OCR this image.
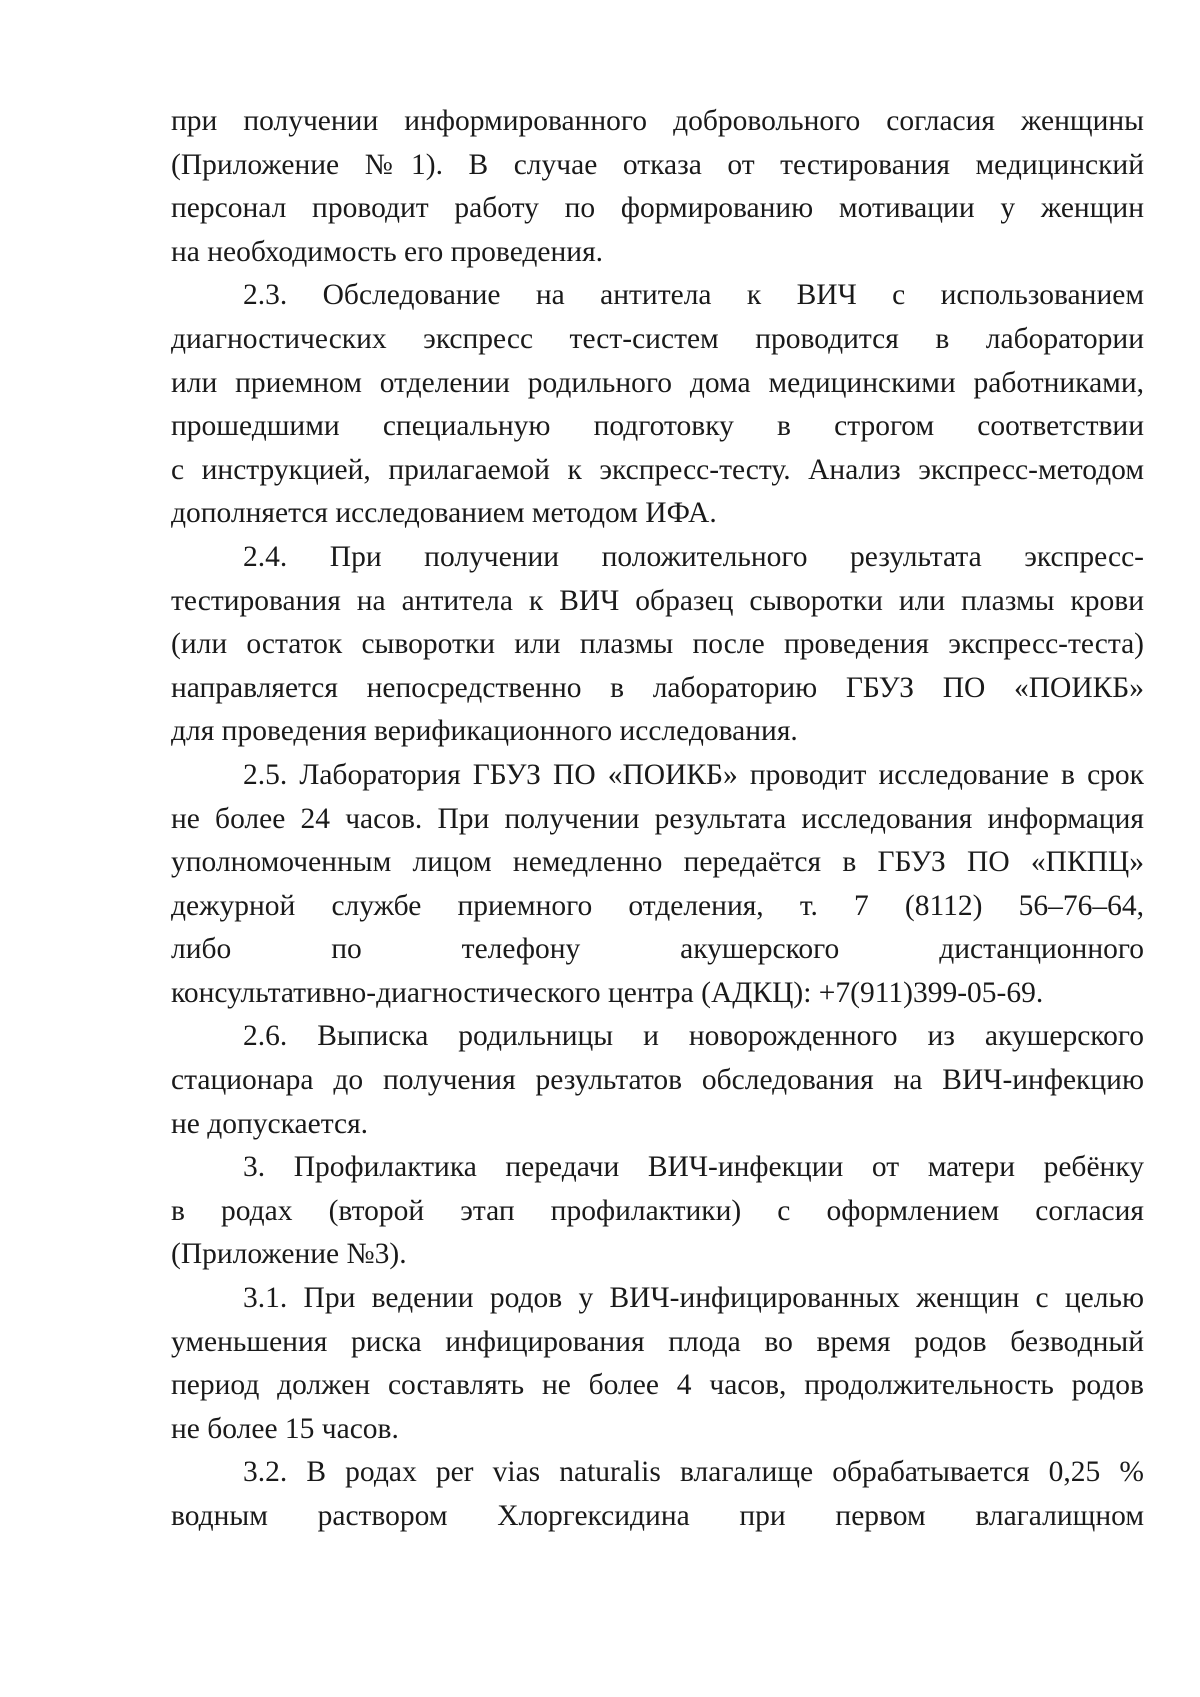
при получении информированного добровольного согласия женщины
(Приложение №1). В случае отказа от тестирования медицинский
персонал проводит работу по формированию мотивации у женщин
на необходимость его проведения.

2.3. Обследование на антитела к ВИЧ с использованием
диагностических экспресс тест-систем проводится в лаборатории
или приемном отделении родильного дома медицинскими работниками,
прошедшими специальную подготовку в строгом соответствии
с инструкцией, прилагаемой к экспресс-тесту. Анализ экспресс-методом
дополняется исследованием методом ИФА.

2.4. При получении положительного результата экспресс-
тестирования на антитела к ВИЧ образец сыворотки или плазмы крови
(или остаток сыворотки или плазмы после проведения экспресс-теста)
направляется непосредственно в лабораторию ГБУЗ ПО «ПОИКБ»
для проведения верификационного исследования.

2.5. Лаборатория ГБУЗ ПО «ПОИКБ» проводит исследование в срок
не более 24 часов. При получении результата исследования информация
уполномоченным лицом немедленно передаётся в ГБУЗ ПО «ПКПЦ»
дежурной службе приемного отделения, т. 7 (8112) 56–76–64,
либо по телефону акушерского дистанционного
консультативно-диагностического центра (АДКЦ): +7(911)399-05-69.

2.6. Выписка родильницы и новорожденного из акушерского
стационара до получения результатов обследования на ВИЧ-инфекцию
не допускается.

3. Профилактика передачи ВИЧ-инфекции от матери ребёнку
в родах (второй этап профилактики) с оформлением согласия
(Приложение №3).

3.1. При ведении родов у ВИЧ-инфицированных женщин с целью
уменьшения риска инфицирования плода во время родов безводный
период должен составлять не более 4 часов, продолжительность родов
не более 15 часов.

3.2. В родах per vias naturalis влагалище обрабатывается 0,25 %
водным раствором Хлоргексидина при первом влагалищном
